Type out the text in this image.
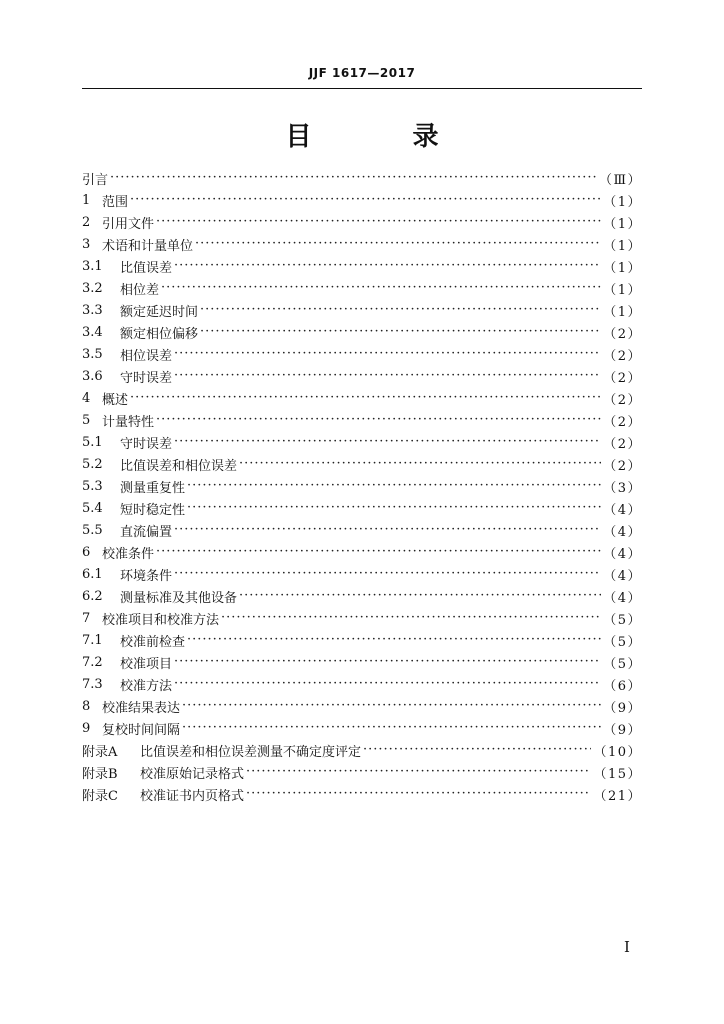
JJF 1617—2017
目 录
引言 ·····	（Ⅲ）
1 范围 ·····	（1）
2 引用文件 ·····	（1）
3 术语和计量单位 ·····	（1）
3.1	比值误差 ·····	（1）
3.2	相位差 ·····	（1）
3.3	额定延迟时间 ·····	（1）
3.4	额定相位偏移 ·····	（2）
3.5	相位误差 ·····	（2）
3.6	守时误差 ·····	（2）
4 概述 ·····	（2）
5 计量特性 ·····	（2）
5.1	守时误差 ·····	（2）
5.2	比值误差和相位误差 ·····	（2）
5.3	测量重复性 ·····	（3）
5.4	短时稳定性 ·····	（4）
5.5	直流偏置 ·····	（4）
6 校准条件 ·····	（4）
6.1	环境条件 ·····	（4）
6.2	测量标准及其他设备 ·····	（4）
7 校准项目和校准方法 ·····	（5）
7.1	校准前检查 ·····	（5）
7.2	校准项目 ·····	（5）
7.3	校准方法 ·····	（6）
8 校准结果表达 ·····	（9）
9 复校时间间隔 ·····	（9）
附录A	比值误差和相位误差测量不确定度评定 ·····	（10）
附录B	校准原始记录格式 ·····	（15）
附录C	校准证书内页格式 ·····	（21）
I
